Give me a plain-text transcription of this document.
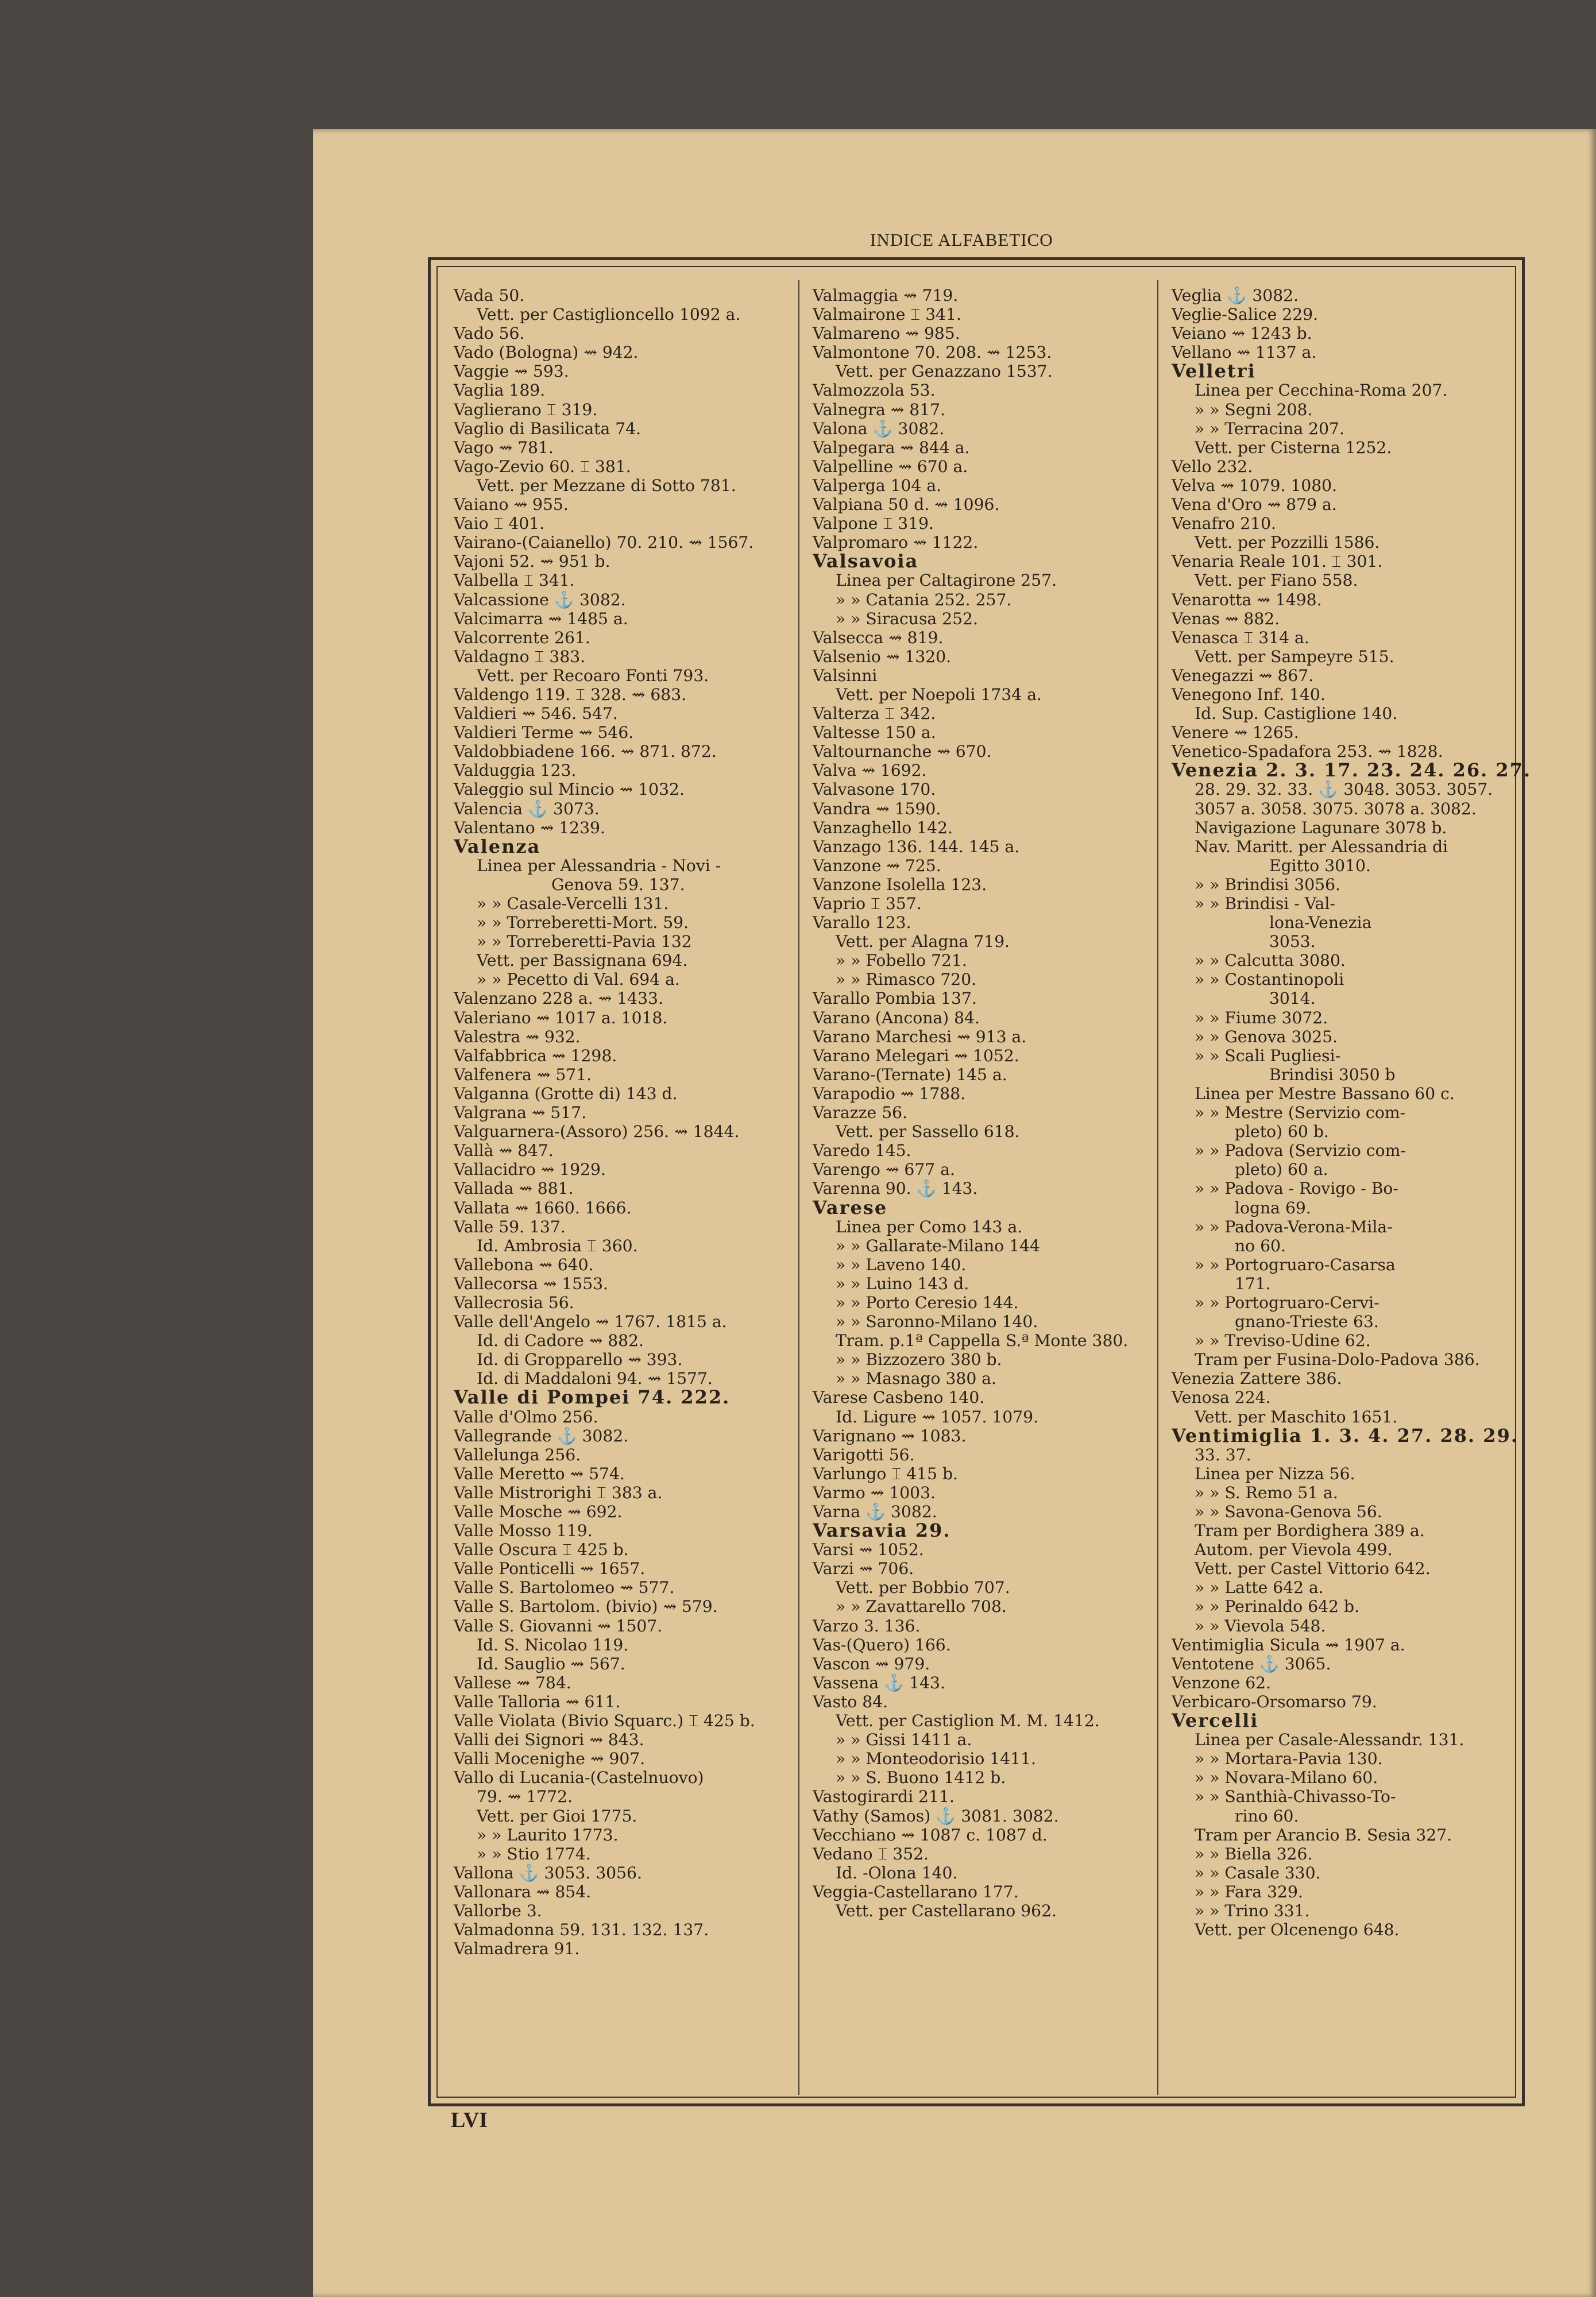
INDICE ALFABETICO
Vada 50.
Vett. per Castiglioncello 1092 a.
Vado 56.
Vado (Bologna) ⇝ 942.
Vaggie ⇝ 593.
Vaglia 189.
Vaglierano ⌶ 319.
Vaglio di Basilicata 74.
Vago ⇝ 781.
Vago-Zevio 60. ⌶ 381.
Vett. per Mezzane di Sotto 781.
Vaiano ⇝ 955.
Vaio ⌶ 401.
Vairano-(Caianello) 70. 210. ⇝ 1567.
Vajoni 52. ⇝ 951 b.
Valbella ⌶ 341.
Valcassione ⚓ 3082.
Valcimarra ⇝ 1485 a.
Valcorrente 261.
Valdagno ⌶ 383.
Vett. per Recoaro Fonti 793.
Valdengo 119. ⌶ 328. ⇝ 683.
Valdieri ⇝ 546. 547.
Valdieri Terme ⇝ 546.
Valdobbiadene 166. ⇝ 871. 872.
Valduggia 123.
Valeggio sul Mincio ⇝ 1032.
Valencia ⚓ 3073.
Valentano ⇝ 1239.
Valenza
Linea per Alessandria - Novi -
Genova 59. 137.
» » Casale-Vercelli 131.
» » Torreberetti-Mort. 59.
» » Torreberetti-Pavia 132
Vett. per Bassignana 694.
» » Pecetto di Val. 694 a.
Valenzano 228 a. ⇝ 1433.
Valeriano ⇝ 1017 a. 1018.
Valestra ⇝ 932.
Valfabbrica ⇝ 1298.
Valfenera ⇝ 571.
Valganna (Grotte di) 143 d.
Valgrana ⇝ 517.
Valguarnera-(Assoro) 256. ⇝ 1844.
Vallà ⇝ 847.
Vallacidro ⇝ 1929.
Vallada ⇝ 881.
Vallata ⇝ 1660. 1666.
Valle 59. 137.
Id. Ambrosia ⌶ 360.
Vallebona ⇝ 640.
Vallecorsa ⇝ 1553.
Vallecrosia 56.
Valle dell'Angelo ⇝ 1767. 1815 a.
Id. di Cadore ⇝ 882.
Id. di Gropparello ⇝ 393.
Id. di Maddaloni 94. ⇝ 1577.
Valle di Pompei 74. 222.
Valle d'Olmo 256.
Vallegrande ⚓ 3082.
Vallelunga 256.
Valle Meretto ⇝ 574.
Valle Mistrorighi ⌶ 383 a.
Valle Mosche ⇝ 692.
Valle Mosso 119.
Valle Oscura ⌶ 425 b.
Valle Ponticelli ⇝ 1657.
Valle S. Bartolomeo ⇝ 577.
Valle S. Bartolom. (bivio) ⇝ 579.
Valle S. Giovanni ⇝ 1507.
Id. S. Nicolao 119.
Id. Sauglio ⇝ 567.
Vallese ⇝ 784.
Valle Talloria ⇝ 611.
Valle Violata (Bivio Squarc.) ⌶ 425 b.
Valli dei Signori ⇝ 843.
Valli Mocenighe ⇝ 907.
Vallo di Lucania-(Castelnuovo)
79. ⇝ 1772.
Vett. per Gioi 1775.
» » Laurito 1773.
» » Stio 1774.
Vallona ⚓ 3053. 3056.
Vallonara ⇝ 854.
Vallorbe 3.
Valmadonna 59. 131. 132. 137.
Valmadrera 91.
Valmaggia ⇝ 719.
Valmairone ⌶ 341.
Valmareno ⇝ 985.
Valmontone 70. 208. ⇝ 1253.
Vett. per Genazzano 1537.
Valmozzola 53.
Valnegra ⇝ 817.
Valona ⚓ 3082.
Valpegara ⇝ 844 a.
Valpelline ⇝ 670 a.
Valperga 104 a.
Valpiana 50 d. ⇝ 1096.
Valpone ⌶ 319.
Valpromaro ⇝ 1122.
Valsavoia
Linea per Caltagirone 257.
» » Catania 252. 257.
» » Siracusa 252.
Valsecca ⇝ 819.
Valsenio ⇝ 1320.
Valsinni
Vett. per Noepoli 1734 a.
Valterza ⌶ 342.
Valtesse 150 a.
Valtournanche ⇝ 670.
Valva ⇝ 1692.
Valvasone 170.
Vandra ⇝ 1590.
Vanzaghello 142.
Vanzago 136. 144. 145 a.
Vanzone ⇝ 725.
Vanzone Isolella 123.
Vaprio ⌶ 357.
Varallo 123.
Vett. per Alagna 719.
» » Fobello 721.
» » Rimasco 720.
Varallo Pombia 137.
Varano (Ancona) 84.
Varano Marchesi ⇝ 913 a.
Varano Melegari ⇝ 1052.
Varano-(Ternate) 145 a.
Varapodio ⇝ 1788.
Varazze 56.
Vett. per Sassello 618.
Varedo 145.
Varengo ⇝ 677 a.
Varenna 90. ⚓ 143.
Varese
Linea per Como 143 a.
» » Gallarate-Milano 144
» » Laveno 140.
» » Luino 143 d.
» » Porto Ceresio 144.
» » Saronno-Milano 140.
Tram. p.1ª Cappella S.ª Monte 380.
» » Bizzozero 380 b.
» » Masnago 380 a.
Varese Casbeno 140.
Id. Ligure ⇝ 1057. 1079.
Varignano ⇝ 1083.
Varigotti 56.
Varlungo ⌶ 415 b.
Varmo ⇝ 1003.
Varna ⚓ 3082.
Varsavia 29.
Varsi ⇝ 1052.
Varzi ⇝ 706.
Vett. per Bobbio 707.
» » Zavattarello 708.
Varzo 3. 136.
Vas-(Quero) 166.
Vascon ⇝ 979.
Vassena ⚓ 143.
Vasto 84.
Vett. per Castiglion M. M. 1412.
» » Gissi 1411 a.
» » Monteodorisio 1411.
» » S. Buono 1412 b.
Vastogirardi 211.
Vathy (Samos) ⚓ 3081. 3082.
Vecchiano ⇝ 1087 c. 1087 d.
Vedano ⌶ 352.
Id. -Olona 140.
Veggia-Castellarano 177.
Vett. per Castellarano 962.
Veglia ⚓ 3082.
Veglie-Salice 229.
Veiano ⇝ 1243 b.
Vellano ⇝ 1137 a.
Velletri
Linea per Cecchina-Roma 207.
» » Segni 208.
» » Terracina 207.
Vett. per Cisterna 1252.
Vello 232.
Velva ⇝ 1079. 1080.
Vena d'Oro ⇝ 879 a.
Venafro 210.
Vett. per Pozzilli 1586.
Venaria Reale 101. ⌶ 301.
Vett. per Fiano 558.
Venarotta ⇝ 1498.
Venas ⇝ 882.
Venasca ⌶ 314 a.
Vett. per Sampeyre 515.
Venegazzi ⇝ 867.
Venegono Inf. 140.
Id. Sup. Castiglione 140.
Venere ⇝ 1265.
Venetico-Spadafora 253. ⇝ 1828.
Venezia 2. 3. 17. 23. 24. 26. 27.
28. 29. 32. 33. ⚓ 3048. 3053. 3057.
3057 a. 3058. 3075. 3078 a. 3082.
Navigazione Lagunare 3078 b.
Nav. Maritt. per Alessandria di
Egitto 3010.
» » Brindisi 3056.
» » Brindisi - Val-
lona-Venezia
3053.
» » Calcutta 3080.
» » Costantinopoli
3014.
» » Fiume 3072.
» » Genova 3025.
» » Scali Pugliesi-
Brindisi 3050 b
Linea per Mestre Bassano 60 c.
» » Mestre (Servizio com-
pleto) 60 b.
» » Padova (Servizio com-
pleto) 60 a.
» » Padova - Rovigo - Bo-
logna 69.
» » Padova-Verona-Mila-
no 60.
» » Portogruaro-Casarsa
171.
» » Portogruaro-Cervi-
gnano-Trieste 63.
» » Treviso-Udine 62.
Tram per Fusina-Dolo-Padova 386.
Venezia Zattere 386.
Venosa 224.
Vett. per Maschito 1651.
Ventimiglia 1. 3. 4. 27. 28. 29.
33. 37.
Linea per Nizza 56.
» » S. Remo 51 a.
» » Savona-Genova 56.
Tram per Bordighera 389 a.
Autom. per Vievola 499.
Vett. per Castel Vittorio 642.
» » Latte 642 a.
» » Perinaldo 642 b.
» » Vievola 548.
Ventimiglia Sicula ⇝ 1907 a.
Ventotene ⚓ 3065.
Venzone 62.
Verbicaro-Orsomarso 79.
Vercelli
Linea per Casale-Alessandr. 131.
» » Mortara-Pavia 130.
» » Novara-Milano 60.
» » Santhià-Chivasso-To-
rino 60.
Tram per Arancio B. Sesia 327.
» » Biella 326.
» » Casale 330.
» » Fara 329.
» » Trino 331.
Vett. per Olcenengo 648.
LVI
